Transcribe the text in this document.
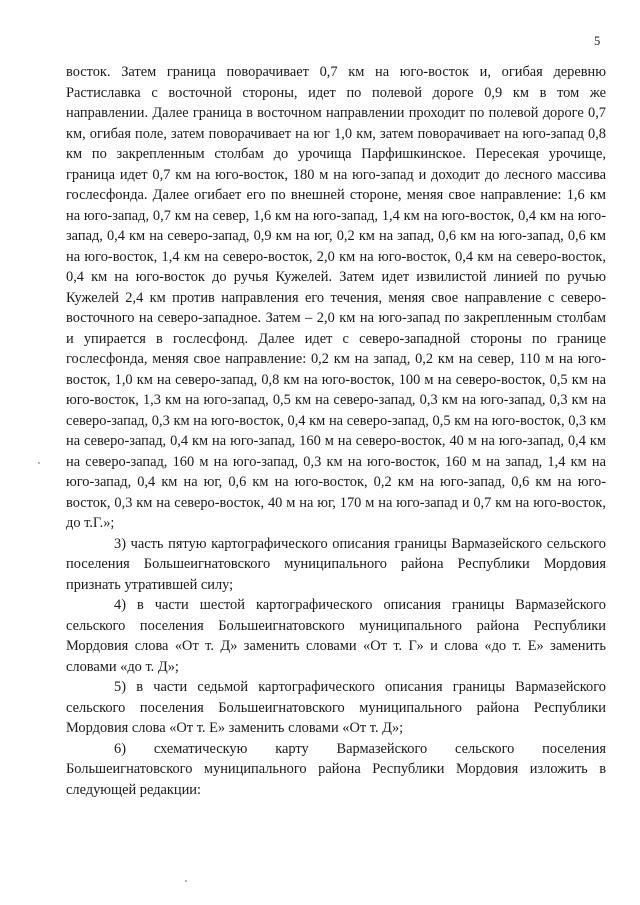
5

восток. Затем граница поворачивает 0,7 км на юго-восток и, огибая деревню Растиславка с восточной стороны, идет по полевой дороге 0,9 км в том же направлении. Далее граница в восточном направлении проходит по полевой дороге 0,7 км, огибая поле, затем поворачивает на юг 1,0 км, затем поворачивает на юго-запад 0,8 км по закрепленным столбам до урочища Парфишкинское. Пересекая урочище, граница идет 0,7 км на юго-восток, 180 м на юго-запад и доходит до лесного массива гослесфонда. Далее огибает его по внешней стороне, меняя свое направление: 1,6 км на юго-запад, 0,7 км на север, 1,6 км на юго-запад, 1,4 км на юго-восток, 0,4 км на юго-запад, 0,4 км на северо-запад, 0,9 км на юг, 0,2 км на запад, 0,6 км на юго-запад, 0,6 км на юго-восток, 1,4 км на северо-восток, 2,0 км на юго-восток, 0,4 км на северо-восток, 0,4 км на юго-восток до ручья Кужелей. Затем идет извилистой линией по ручью Кужелей 2,4 км против направления его течения, меняя свое направление с северо-восточного на северо-западное. Затем – 2,0 км на юго-запад по закрепленным столбам и упирается в гослесфонд. Далее идет с северо-западной стороны по границе гослесфонда, меняя свое направление: 0,2 км на запад, 0,2 км на север, 110 м на юго-восток, 1,0 км на северо-запад, 0,8 км на юго-восток, 100 м на северо-восток, 0,5 км на юго-восток, 1,3 км на юго-запад, 0,5 км на северо-запад, 0,3 км на юго-запад, 0,3 км на северо-запад, 0,3 км на юго-восток, 0,4 км на северо-запад, 0,5 км на юго-восток, 0,3 км на северо-запад, 0,4 км на юго-запад, 160 м на северо-восток, 40 м на юго-запад, 0,4 км на северо-запад, 160 м на юго-запад, 0,3 км на юго-восток, 160 м на запад, 1,4 км на юго-запад, 0,4 км на юг, 0,6 км на юго-восток, 0,2 км на юго-запад, 0,6 км на юго-восток, 0,3 км на северо-восток, 40 м на юг, 170 м на юго-запад и 0,7 км на юго-восток, до т.Г.»;

3) часть пятую картографического описания границы Вармазейского сельского поселения Большеигнатовского муниципального района Республики Мордовия признать утратившей силу;

4) в части шестой картографического описания границы Вармазейского сельского поселения Большеигнатовского муниципального района Республики Мордовия слова «От т. Д» заменить словами «От т. Г» и слова «до т. Е» заменить словами «до т. Д»;

5) в части седьмой картографического описания границы Вармазейского сельского поселения Большеигнатовского муниципального района Республики Мордовия слова «От т. Е» заменить словами «От т. Д»;

6) схематическую карту Вармазейского сельского поселения

Большеигнатовского муниципального района Республики Мордовия изложить в следующей редакции:
